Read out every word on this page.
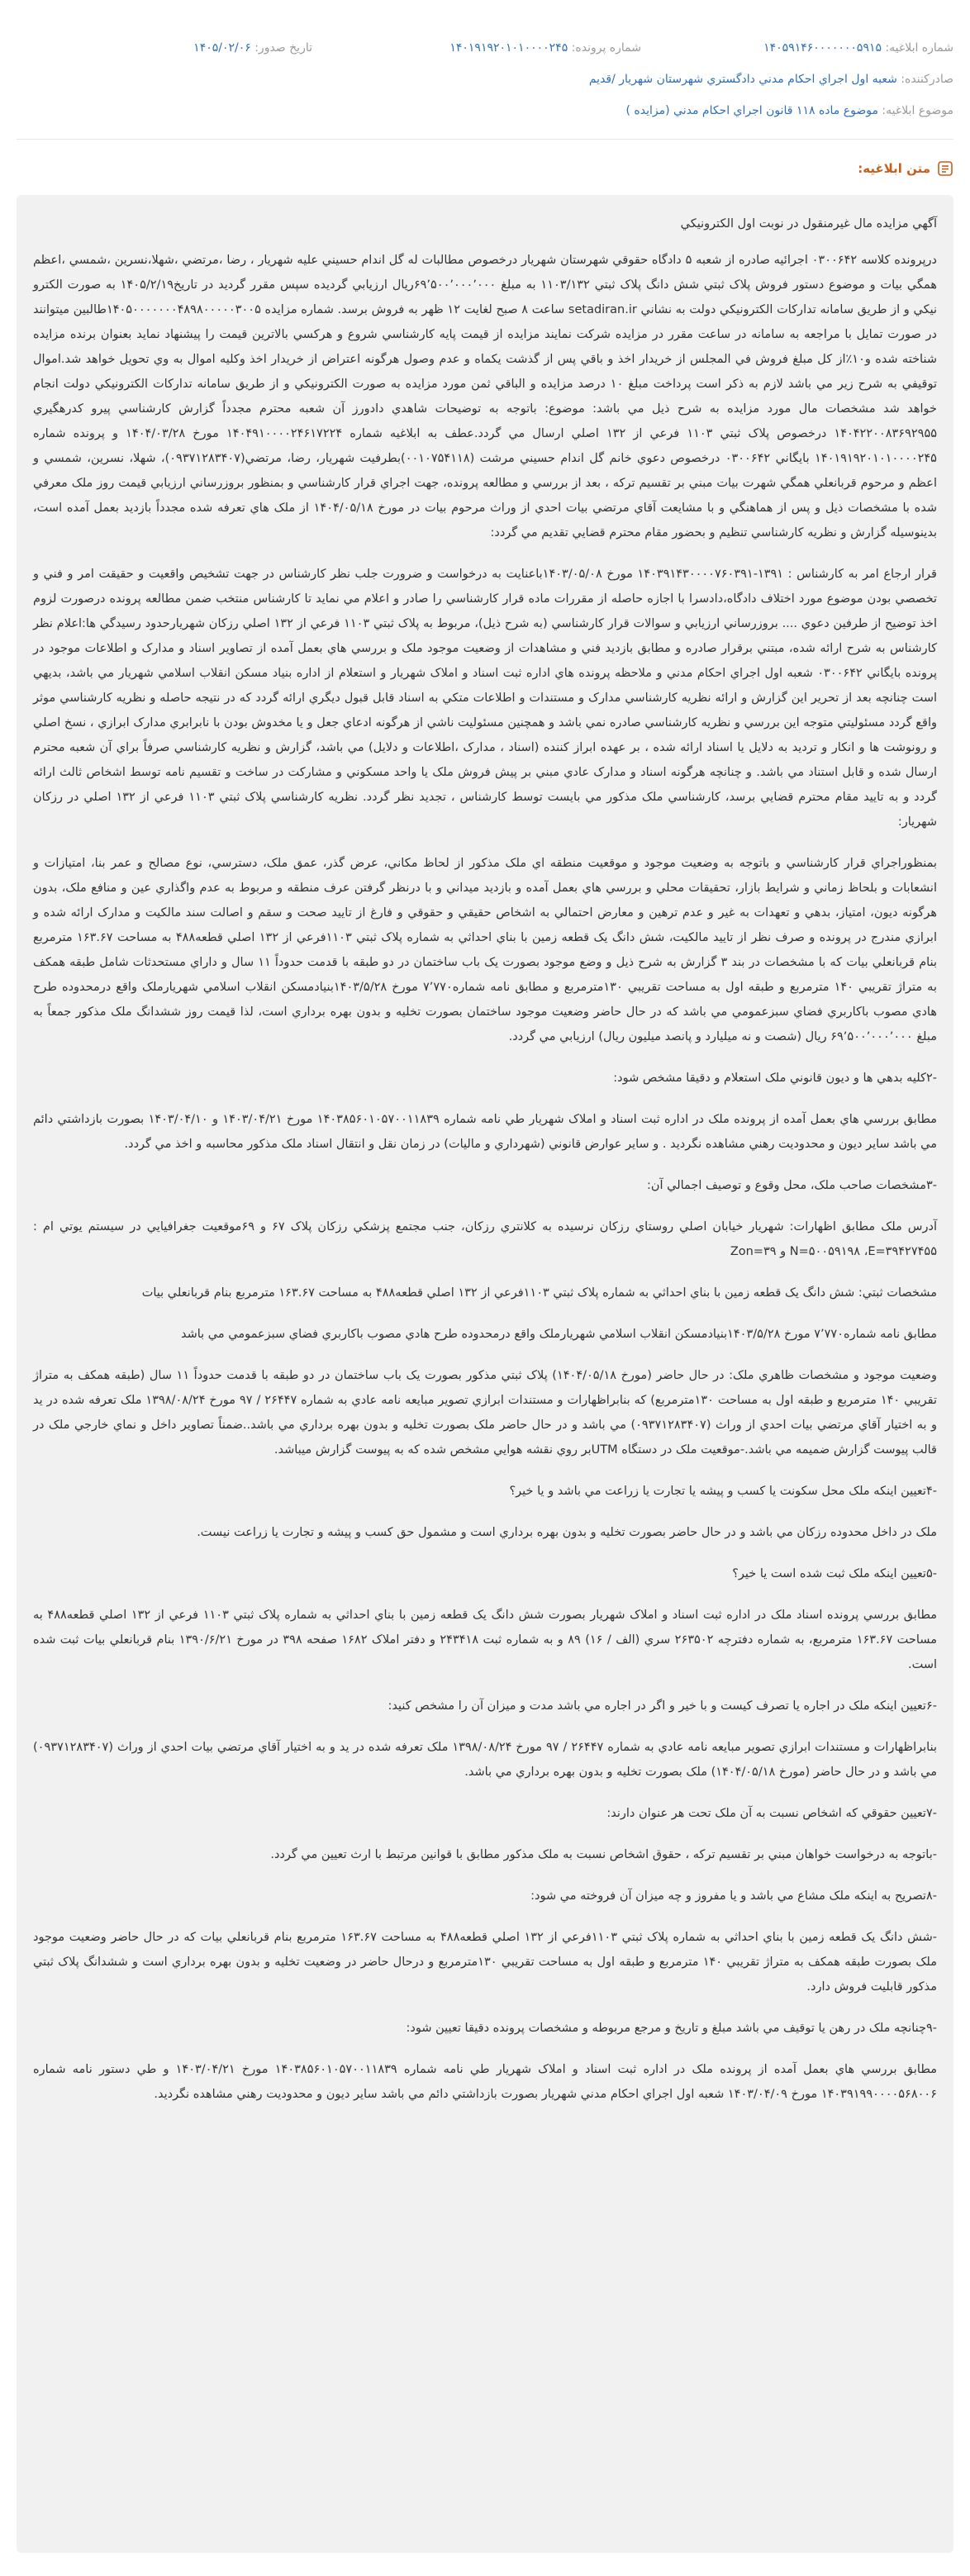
شماره ابلاغيه: ۱۴۰۵۹۱۴۶۰۰۰۰۰۰۰۵۹۱۵
شماره پرونده: ۱۴۰۱۹۱۹۲۰۱۰۱۰۰۰۰۲۴۵
تاريخ صدور: ۱۴۰۵/۰۲/۰۶
صادرکننده: شعبه اول اجراي احکام مدني دادگستري شهرستان شهريار /قديم
موضوع ابلاغیه: موضوع ماده ۱۱۸ قانون اجراي احکام مدني (مزايده )
متن ابلاغیه:

آگهي مزايده مال غيرمنقول در نوبت اول الکترونيکي

درپرونده کلاسه ۰۳۰۰۶۴۲ اجرائيه صادره از شعبه ۵ دادگاه حقوقي شهرستان شهريار درخصوص مطالبات له گل اندام حسيني عليه شهريار ، رضا ،مرتضي ،شهلا،نسرين ،شمسي ،اعظم همگي بيات و موضوع دستور فروش پلاک ثبتي شش دانگ پلاک ثبتي ۱۱۰۳/۱۳۲ به مبلغ ۶۹٬۵۰۰٬۰۰۰٬۰۰۰ريال ارزيابي گرديده سپس مقرر گرديد در تاريخ۱۴۰۵/۲/۱۹ به صورت الکترو نيکي و از طريق سامانه تدارکات الکترونيکي دولت به نشاني setadiran.ir ساعت ۸ صبح لغايت ۱۲ ظهر به فروش برسد. شماره مزايده ۱۴۰۵۰۰۰۰۰۰۰۴۸۹۸۰۰۰۰۰۳۰۰۵طالبين ميتوانند در صورت تمايل با مراجعه به سامانه در ساعت مقرر در مزايده شرکت نمايند مزايده از قيمت پايه کارشناسي شروع و هرکسي بالاترين قيمت را پيشنهاد نمايد بعنوان برنده مزايده شناخته شده و۱۰٪از کل مبلغ فروش في المجلس از خريدار اخذ و باقي پس از گذشت يکماه و عدم وصول هرگونه اعتراض از خريدار اخذ وکليه اموال به وي تحويل خواهد شد.اموال توقيفي به شرح زير مي باشد لازم به ذکر است پرداخت مبلغ ۱۰ درصد مزايده و الباقي ثمن مورد مزايده به صورت الکترونيکي و از طريق سامانه تدارکات الکترونيکي دولت انجام خواهد شد مشخصات مال مورد مزايده به شرح ذيل مي باشد: موضوع: باتوجه به توضيحات شاهدي دادورز آن شعبه محترم مجدداً گزارش کارشناسي پيرو کدرهگيري ۱۴۰۴۲۲۰۰۸۳۶۹۲۹۵۵ درخصوص پلاک ثبتي ۱۱۰۳ فرعي از ۱۳۲ اصلي ارسال مي گردد.عطف به ابلاغيه شماره ۱۴۰۴۹۱۰۰۰۰۲۴۶۱۷۲۲۴ مورخ ۱۴۰۴/۰۳/۲۸ و پرونده شماره ۱۴۰۱۹۱۹۲۰۱۰۱۰۰۰۰۲۴۵ بايگاني ۰۳۰۰۶۴۲ درخصوص دعوي خانم گل اندام حسيني مرشت (۰۰۱۰۷۵۴۱۱۸)بطرفيت شهريار، رضا، مرتضي(۰۹۳۷۱۲۸۳۴۰۷)، شهلا، نسرين، شمسي و اعظم و مرحوم قربانعلي همگي شهرت بيات مبني بر تقسيم ترکه ، بعد از بررسي و مطالعه پرونده، جهت اجراي قرار کارشناسي و بمنظور بروزرساني ارزيابي قيمت روز ملک معرفي شده با مشخصات ذيل و پس از هماهنگي و با مشايعت آقاي مرتضي بيات احدي از وراث مرحوم بيات در مورخ ۱۴۰۴/۰۵/۱۸ از ملک هاي تعرفه شده مجدداً بازديد بعمل آمده است، بدينوسيله گزارش و نظريه کارشناسي تنظيم و بحضور مقام محترم قضايي تقديم مي گردد:

قرار ارجاع امر به کارشناس : ۱۳۹۱-۱۴۰۳۹۱۴۳۰۰۰۰۷۶۰۳۹۱ مورخ ۱۴۰۳/۰۵/۰۸باعنايت به درخواست و ضرورت جلب نظر کارشناس در جهت تشخيص واقعيت و حقيقت امر و فني و تخصصي بودن موضوع مورد اختلاف دادگاه،دادسرا با اجازه حاصله از مقررات ماده قرار کارشناسي را صادر و اعلام مي نمايد تا کارشناس منتخب ضمن مطالعه پرونده درصورت لزوم اخذ توضيح از طرفين دعوي .... بروزرساني ارزيابي و سوالات قرار کارشناسي (به شرح ذيل)، مربوط به پلاک ثبتي ۱۱۰۳ فرعي از ۱۳۲ اصلي رزکان شهريارحدود رسيدگي ها:اعلام نظر کارشناس به شرح ارائه شده، مبتني برقرار صادره و مطابق بازديد فني و مشاهدات از وضعيت موجود ملک و بررسي هاي بعمل آمده از تصاوير اسناد و مدارک و اطلاعات موجود در پرونده بايگاني ۰۳۰۰۶۴۲ شعبه اول اجراي احکام مدني و ملاحظه پرونده هاي اداره ثبت اسناد و املاک شهريار و استعلام از اداره بنياد مسکن انقلاب اسلامي شهريار مي باشد، بديهي است چنانچه بعد از تحرير اين گزارش و ارائه نظريه کارشناسي مدارک و مستندات و اطلاعات متکي به اسناد قابل قبول ديگري ارائه گردد که در نتيجه حاصله و نظريه کارشناسي موثر واقع گردد مسئوليتي متوجه اين بررسي و نظريه کارشناسي صادره نمي باشد و همچنين مسئوليت ناشي از هرگونه ادعاي جعل و يا مخدوش بودن با نابرابري مدارک ابرازي ، نسخ اصلي و رونوشت ها و انکار و ترديد به دلايل يا اسناد ارائه شده ، بر عهده ابراز کننده (اسناد ، مدارک ،اطلاعات و دلايل) مي باشد، گزارش و نظريه کارشناسي صرفاً براي آن شعبه محترم ارسال شده و قابل استناد مي باشد. و چنانچه هرگونه اسناد و مدارک عادي مبني بر پيش فروش ملک يا واحد مسکوني و مشارکت در ساخت و تقسيم نامه توسط اشخاص ثالث ارائه گردد و به تاييد مقام محترم قضايي برسد، کارشناسي ملک مذکور مي بايست توسط کارشناس ، تجديد نظر گردد. نظريه کارشناسي پلاک ثبتي ۱۱۰۳ فرعي از ۱۳۲ اصلي در رزکان شهريار:

بمنظوراجراي قرار کارشناسي و باتوجه به وضعيت موجود و موقعيت منطقه اي ملک مذکور از لحاظ مکاني، عرض گذر، عمق ملک، دسترسي، نوع مصالح و عمر بنا، امتيازات و انشعابات و بلحاظ زماني و شرايط بازار، تحقيقات محلي و بررسي هاي بعمل آمده و بازديد ميداني و با درنظر گرفتن عرف منطقه و مربوط به عدم واگذاري عين و منافع ملک، بدون هرگونه ديون، امتياز، بدهي و تعهدات به غير و عدم ترهين و معارض احتمالي به اشخاص حقيقي و حقوقي و فارغ از تاييد صحت و سقم و اصالت سند مالکيت و مدارک ارائه شده و ابرازي مندرج در پرونده و صرف نظر از تاييد مالکيت، شش دانگ يک قطعه زمين با بناي احداثي به شماره پلاک ثبتي ۱۱۰۳فرعي از ۱۳۲ اصلي قطعه۴۸۸ به مساحت ۱۶۳.۶۷ مترمربع بنام قربانعلي بيات که با مشخصات در بند ۳ گزارش به شرح ذيل و وضع موجود بصورت يک باب ساختمان در دو طبقه با قدمت حدوداً ۱۱ سال و داراي مستحدثات شامل طبقه همکف به متراژ تقريبي ۱۴۰ مترمربع و طبقه اول به مساحت تقريبي ۱۳۰مترمربع و مطابق نامه شماره۷٬۷۷۰ مورخ ۱۴۰۳/۵/۲۸بنيادمسکن انقلاب اسلامي شهريارملک واقع درمحدوده طرح هادي مصوب باکاربري فضاي سبزعمومي مي باشد که در حال حاضر وضعيت موجود ساختمان بصورت تخليه و بدون بهره برداري است، لذا قيمت روز ششدانگ ملک مذکور جمعاً به مبلغ ۶۹٬۵۰۰٬۰۰۰٬۰۰۰ ريال (شصت و نه ميليارد و پانصد ميليون ريال) ارزيابي مي گردد.

-۲کليه بدهي ها و ديون قانوني ملک استعلام و دقيقا مشخص شود:

مطابق بررسي هاي بعمل آمده از پرونده ملک در اداره ثبت اسناد و املاک شهريار طي نامه شماره ۱۴۰۳۸۵۶۰۱۰۵۷۰۰۱۱۸۳۹ مورخ ۱۴۰۳/۰۴/۲۱ و ۱۴۰۳/۰۴/۱۰ بصورت بازداشتي دائم مي باشد ساير ديون و محدوديت رهني مشاهده نگرديد . و ساير عوارض قانوني (شهرداري و ماليات) در زمان نقل و انتقال اسناد ملک مذکور محاسبه و اخذ مي گردد.

-۳مشخصات صاحب ملک، محل وقوع و توصيف اجمالي آن:

آدرس ملک مطابق اظهارات: شهريار خيابان اصلي روستاي رزکان نرسيده به کلانتري رزکان، جنب مجتمع پزشکي رزکان پلاک ۶۷ و ۶۹موقعيت جغرافيايي در سيستم يوتي ام : N=۵۰۰۵۹۱۹۸ ،E=۳۹۴۲۷۴۵۵ و Zon=۳۹

مشخصات ثبتي: شش دانگ يک قطعه زمين با بناي احداثي به شماره پلاک ثبتي ۱۱۰۳فرعي از ۱۳۲ اصلي قطعه۴۸۸ به مساحت ۱۶۳.۶۷ مترمربع بنام قربانعلي بيات

مطابق نامه شماره۷٬۷۷۰ مورخ ۱۴۰۳/۵/۲۸بنيادمسکن انقلاب اسلامي شهريارملک واقع درمحدوده طرح هادي مصوب باکاربري فضاي سبزعمومي مي باشد

وضعيت موجود و مشخصات ظاهري ملک: در حال حاضر (مورخ ۱۴۰۴/۰۵/۱۸) پلاک ثبتي مذکور بصورت يک باب ساختمان در دو طبقه با قدمت حدوداً ۱۱ سال (طبقه همکف به متراژ تقريبي ۱۴۰ مترمربع و طبقه اول به مساحت ۱۳۰مترمربع) که بنابراظهارات و مستندات ابرازي تصوير مبايعه نامه عادي به شماره ۲۶۴۴۷ / ۹۷ مورخ ۱۳۹۸/۰۸/۲۴ ملک تعرفه شده در يد و به اختيار آقاي مرتضي بيات احدي از وراث (۰۹۳۷۱۲۸۳۴۰۷) مي باشد و در حال حاضر ملک بصورت تخليه و بدون بهره برداري مي باشد..ضمناً تصاوير داخل و نماي خارجي ملک در قالب پيوست گزارش ضميمه مي باشد.-موقعيت ملک در دستگاه UTMبر روي نقشه هوايي مشخص شده که به پيوست گزارش ميباشد.

-۴تعيين اينکه ملک محل سکونت يا کسب و پيشه يا تجارت يا زراعت مي باشد و يا خير؟

ملک در داخل محدوده رزکان مي باشد و در حال حاضر بصورت تخليه و بدون بهره برداري است و مشمول حق کسب و پيشه و تجارت يا زراعت نيست.

-۵تعيين اينکه ملک ثبت شده است يا خير؟

مطابق بررسي پرونده اسناد ملک در اداره ثبت اسناد و املاک شهريار بصورت شش دانگ يک قطعه زمين با بناي احداثي به شماره پلاک ثبتي ۱۱۰۳ فرعي از ۱۳۲ اصلي قطعه۴۸۸ به مساحت ۱۶۳.۶۷ مترمربع، به شماره دفترچه ۲۶۳۵۰۲ سري (الف / ۱۶) ۸۹ و به شماره ثبت ۲۴۳۴۱۸ و دفتر املاک ۱۶۸۲ صفحه ۳۹۸ در مورخ ۱۳۹۰/۶/۲۱ بنام قربانعلي بيات ثبت شده است.

-۶تعيين اينکه ملک در اجاره يا تصرف کيست و با خير و اگر در اجاره مي باشد مدت و ميزان آن را مشخص کنيد:

بنابراظهارات و مستندات ابرازي تصوير مبايعه نامه عادي به شماره ۲۶۴۴۷ / ۹۷ مورخ ۱۳۹۸/۰۸/۲۴ ملک تعرفه شده در يد و به اختيار آقاي مرتضي بيات احدي از وراث (۰۹۳۷۱۲۸۳۴۰۷) مي باشد و در حال حاضر (مورخ ۱۴۰۴/۰۵/۱۸) ملک بصورت تخليه و بدون بهره برداري مي باشد.

-۷تعيين حقوقي که اشخاص نسبت به آن ملک تحت هر عنوان دارند:

-باتوجه به درخواست خواهان مبني بر تقسيم ترکه ، حقوق اشخاص نسبت به ملک مذکور مطابق با قوانين مرتبط با ارث تعيين مي گردد.

-۸تصريح به اينکه ملک مشاع مي باشد و يا مفروز و چه ميزان آن فروخته مي شود:

-شش دانگ يک قطعه زمين با بناي احداثي به شماره پلاک ثبتي ۱۱۰۳فرعي از ۱۳۲ اصلي قطعه۴۸۸ به مساحت ۱۶۳.۶۷ مترمربع بنام قربانعلي بيات که در حال حاضر وضعيت موجود ملک بصورت طبقه همکف به متراژ تقريبي ۱۴۰ مترمربع و طبقه اول به مساحت تقريبي ۱۳۰مترمربع و درحال حاضر در وضعيت تخليه و بدون بهره برداري است و ششدانگ پلاک ثبتي مذکور قابليت فروش دارد.

-۹چنانچه ملک در رهن يا توقيف مي باشد مبلغ و تاريخ و مرجع مربوطه و مشخصات پرونده دقيقا تعيين شود:

مطابق بررسي هاي بعمل آمده از پرونده ملک در اداره ثبت اسناد و املاک شهريار طي نامه شماره ۱۴۰۳۸۵۶۰۱۰۵۷۰۰۱۱۸۳۹ مورخ ۱۴۰۳/۰۴/۲۱ و طي دستور نامه شماره ۱۴۰۳۹۱۹۹۰۰۰۰۵۶۸۰۰۶ مورخ ۱۴۰۳/۰۴/۰۹ شعبه اول اجراي احکام مدني شهريار بصورت بازداشتي دائم مي باشد ساير ديون و محدوديت رهني مشاهده نگرديد.
